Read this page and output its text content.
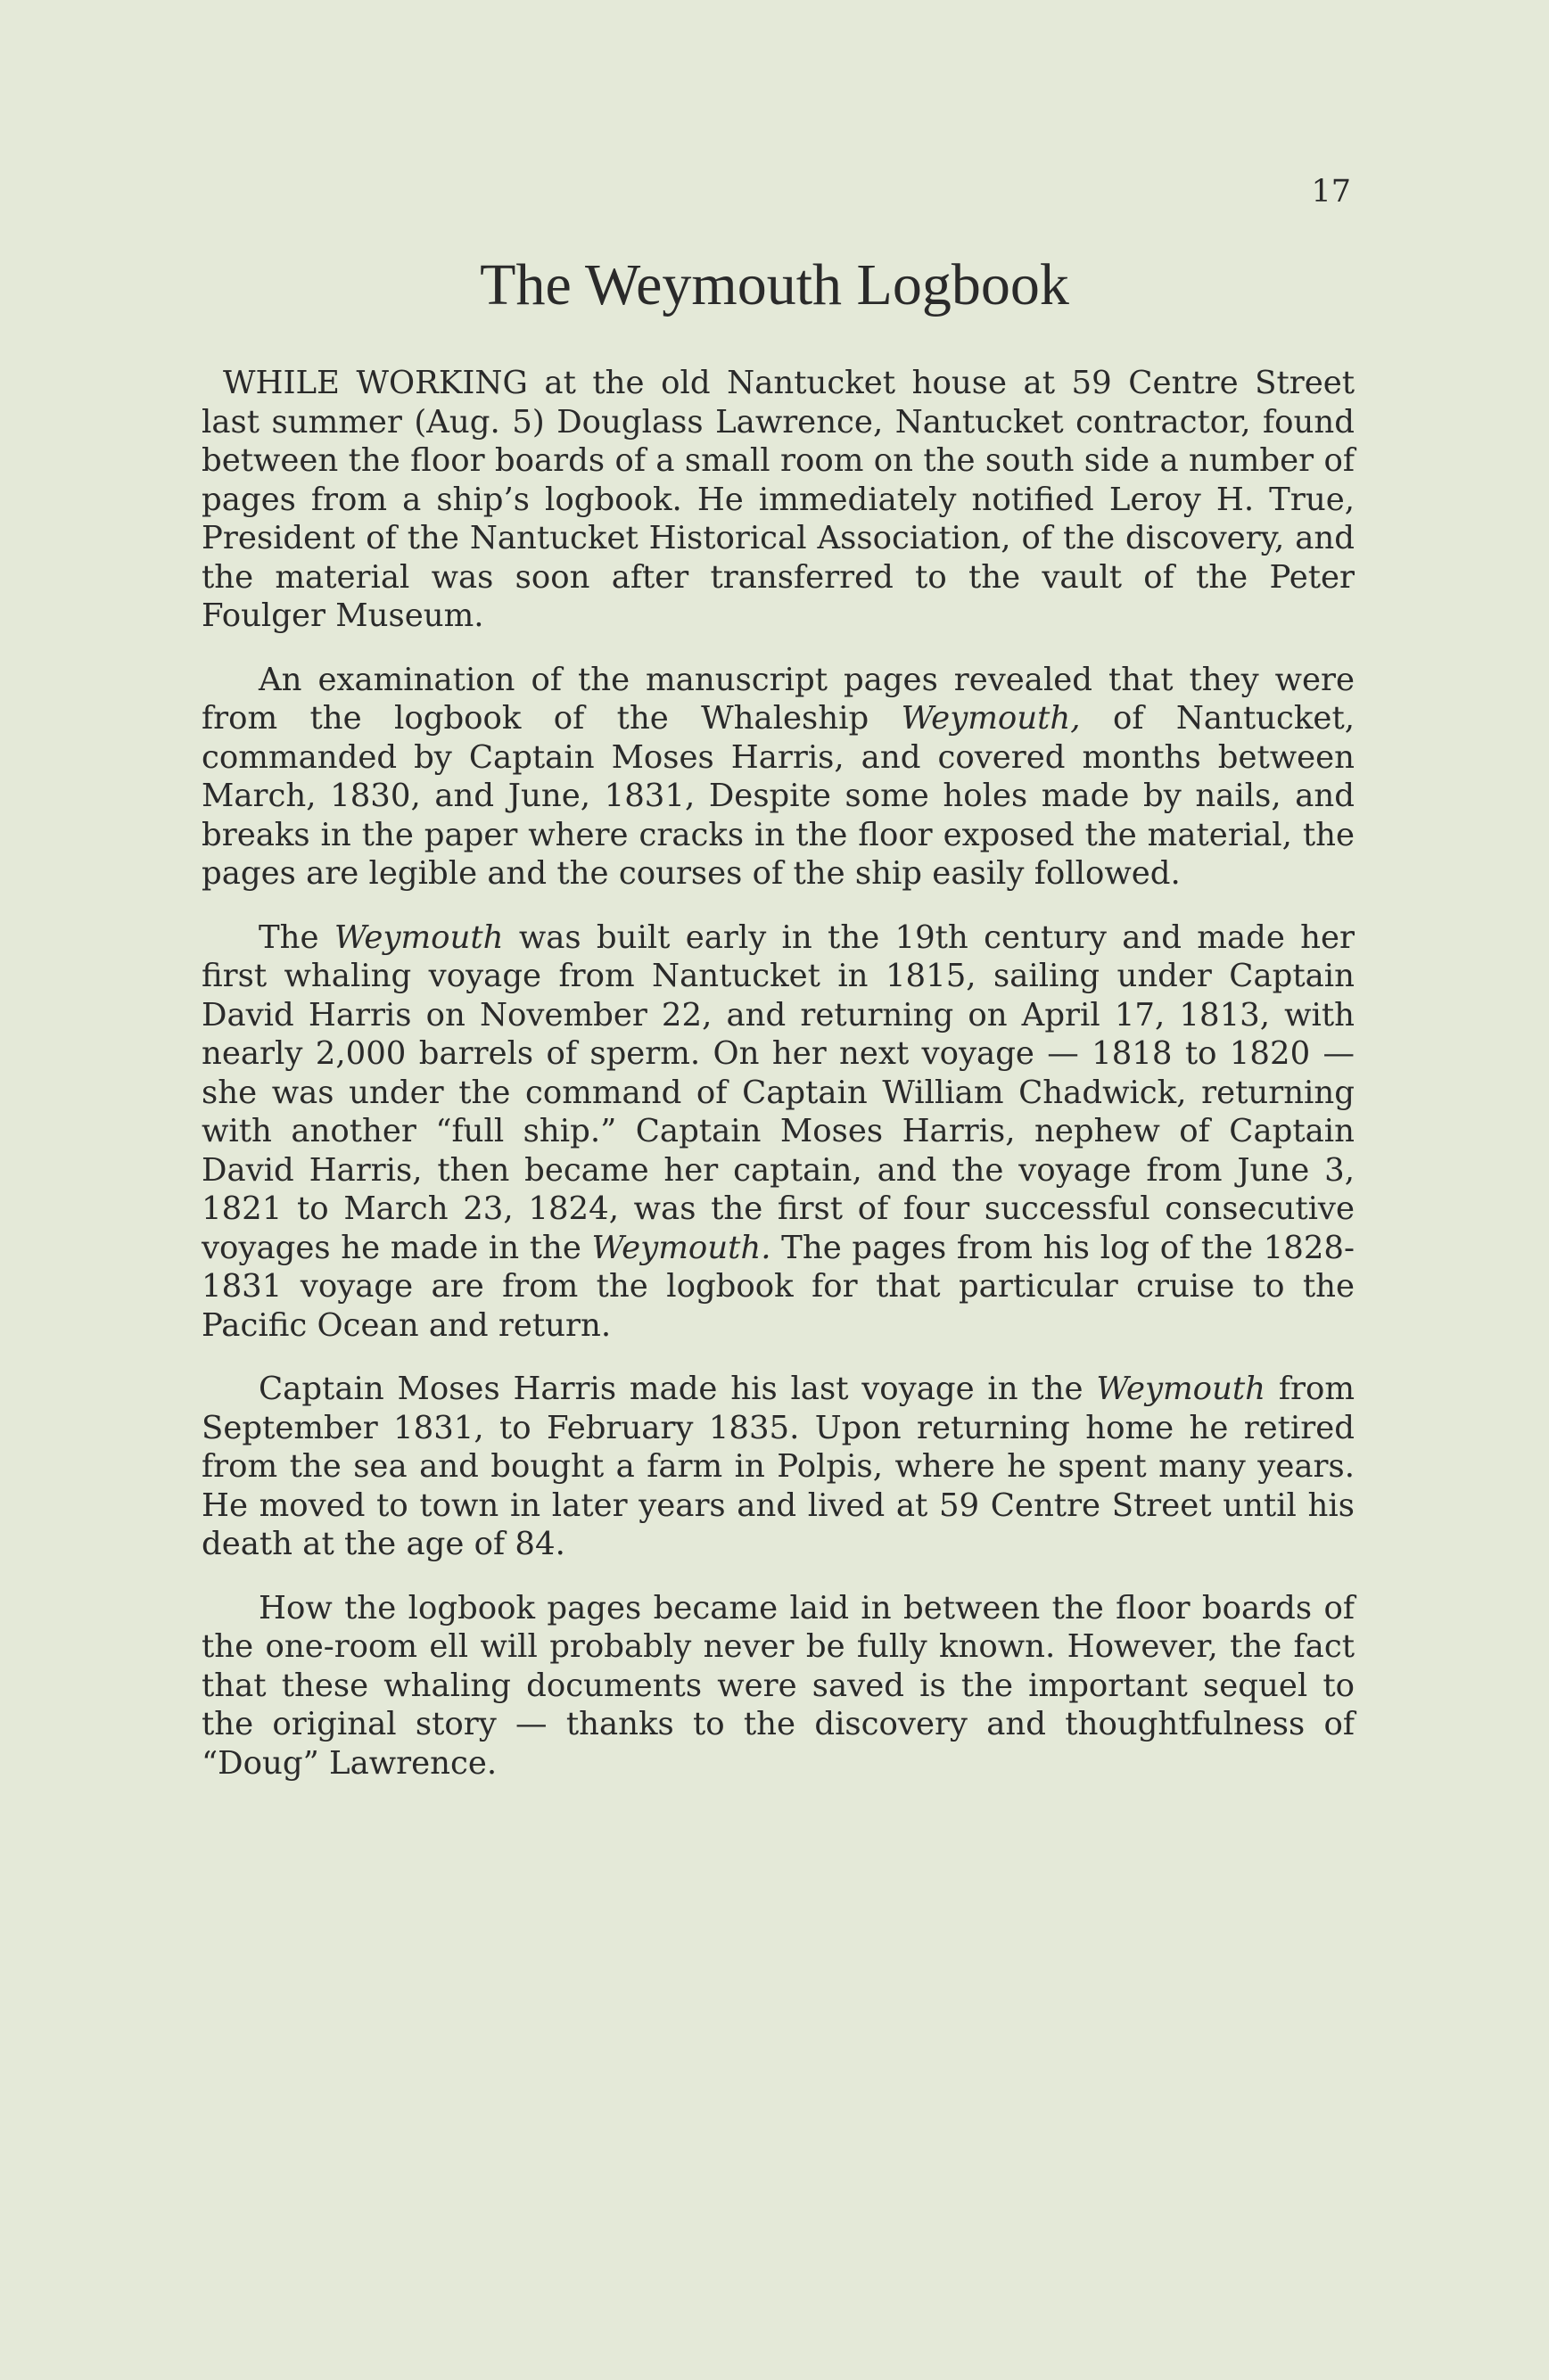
17

The Weymouth Logbook

WHILE WORKING at the old Nantucket house at 59 Centre Street last summer (Aug. 5) Douglass Lawrence, Nantucket contractor, found between the floor boards of a small room on the south side a number of pages from a ship’s logbook. He immediately notified Leroy H. True, President of the Nantucket Historical Association, of the discovery, and the material was soon after transferred to the vault of the Peter Foulger Museum.

An examination of the manuscript pages revealed that they were from the logbook of the Whaleship Weymouth, of Nantucket, commanded by Captain Moses Harris, and covered months between March, 1830, and June, 1831, Despite some holes made by nails, and breaks in the paper where cracks in the floor exposed the material, the pages are legible and the courses of the ship easily followed.

The Weymouth was built early in the 19th century and made her first whaling voyage from Nantucket in 1815, sailing under Captain David Harris on November 22, and returning on April 17, 1813, with nearly 2,000 barrels of sperm. On her next voyage — 1818 to 1820 — she was under the command of Captain William Chadwick, returning with another “full ship.” Captain Moses Harris, nephew of Captain David Harris, then became her captain, and the voyage from June 3, 1821 to March 23, 1824, was the first of four successful consecutive voyages he made in the Weymouth. The pages from his log of the 1828-1831 voyage are from the logbook for that particular cruise to the Pacific Ocean and return.

Captain Moses Harris made his last voyage in the Weymouth from September 1831, to February 1835. Upon returning home he retired from the sea and bought a farm in Polpis, where he spent many years. He moved to town in later years and lived at 59 Centre Street until his death at the age of 84.

How the logbook pages became laid in between the floor boards of the one-room ell will probably never be fully known. However, the fact that these whaling documents were saved is the important sequel to the original story — thanks to the discovery and thoughtfulness of “Doug” Lawrence.
